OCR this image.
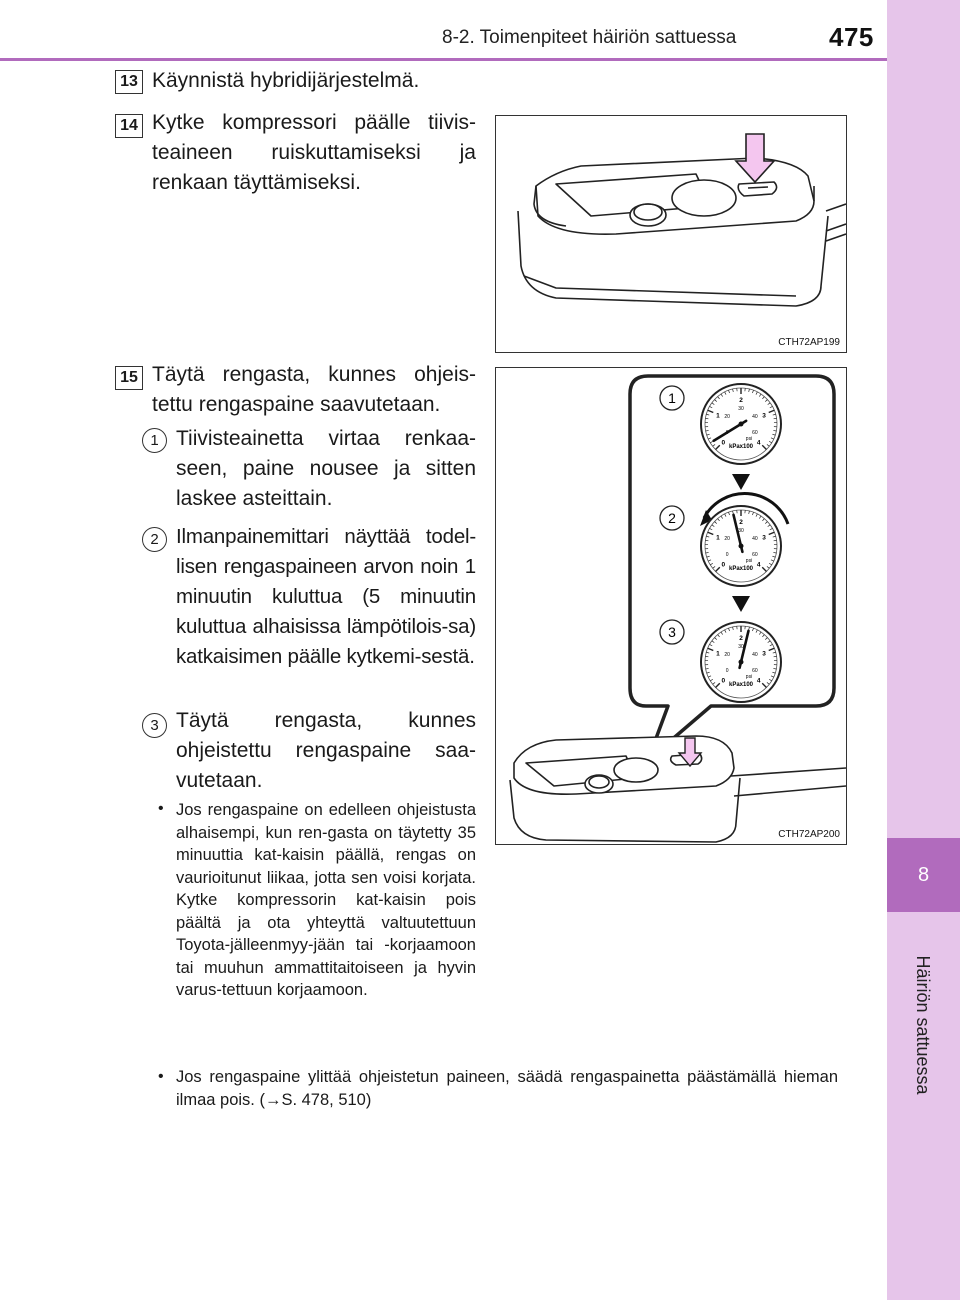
8-2. Toimenpiteet häiriön sattuessa	475
8
Häiriön sattuessa
13 Käynnistä hybridijärjestelmä.
14 Kytke kompressori päälle tiivis-teaineen ruiskuttamiseksi ja renkaan täyttämiseksi.
CTH72AP199
15 Täytä rengasta, kunnes ohjeis-tettu rengaspaine saavutetaan.
1 Tiivisteainetta virtaa renkaa-seen, paine nousee ja sitten laskee asteittain.
2 Ilmanpainemittari näyttää todel-lisen rengaspaineen arvon noin 1 minuutin kuluttua (5 minuutin kuluttua alhaisissa lämpötilois-sa) katkaisimen päälle kytkemi-sestä.
3 Täytä rengasta, kunnes ohjeistettu rengaspaine saa-vutetaan.
• Jos rengaspaine on edelleen ohjeistusta alhaisempi, kun ren-gasta on täytetty 35 minuuttia kat-kaisin päällä, rengas on vaurioitunut liikaa, jotta sen voisi korjata. Kytke kompressorin kat-kaisin pois päältä ja ota yhteyttä valtuutettuun Toyota-jälleenmyy-jään tai -korjaamoon tai muuhun ammattitaitoiseen ja hyvin varus-tettuun korjaamoon.
• Jos rengaspaine ylittää ohjeistetun paineen, säädä rengaspainetta päästämällä hieman ilmaa pois. (→S. 478, 510)
0
1
2
3
4
20
30
40
60
psi
kPax100
0
1
2
3
4
0
20
30
40
60
psi
kPax100
0
1
2
3
4
0
20
30
40
60
psi
kPax100
1
2
3
CTH72AP200
